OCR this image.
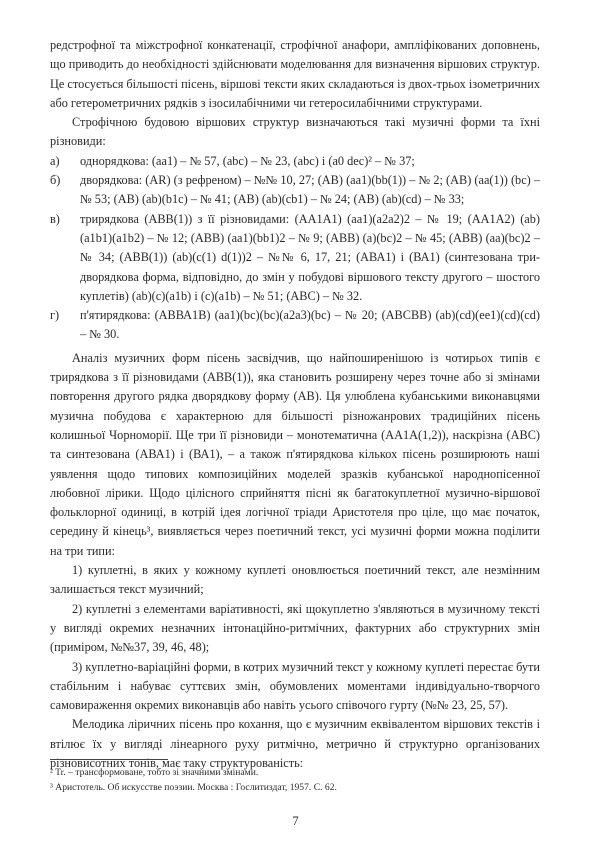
редстрофної та міжстрофної конкатенації, строфічної анафори, ампліфікованих доповнень, що приводить до необхідності здійснювати моделювання для визначення віршових структур. Це стосується більшості пісень, віршові тексти яких складаються із двох-трьох ізометричних або гетерометричних рядків з ізосилабічними чи гетеросилабічними структурами.

Строфічною будовою віршових структур визначаються такі музичні форми та їхні різновиди:

а)	однорядкова: (аа1) – № 57, (abc) – № 23, (abc) і (a0 dec)² – № 37;
б)	дворядкова: (АR) (з рефреном) – №№ 10, 27; (АВ) (аа1)(bb(1)) – № 2; (АВ) (аа(1)) (bc) – № 53; (АВ) (ab)(b1c) – № 41; (АВ) (ab)(cb1) – № 24; (АВ) (ab)(cd) – № 33;
в)	трирядкова (АВВ(1)) з її різновидами: (АА1А1) (аа1)(а2а2)2 – № 19; (АА1А2) (ab)(a1b1)(a1b2) – № 12; (АВВ) (аа1)(bb1)2 – № 9; (АВВ) (a)(bc)2 – № 45; (АВВ) (аа)(bc)2 – № 34; (АВВ(1)) (ab)(c(1) d(1))2 – №№ 6, 17, 21; (АВА1) і (ВА1) (синтезована три- дворядкова форма, відповідно, до змін у побудові віршового тексту другого – шостого куплетів) (ab)(c)(a1b) і (c)(a1b) – № 51; (АВС) – № 32.
г)	п'ятирядкова: (АВВА1В) (аа1)(bc)(bc)(а2а3)(bc) – № 20; (АВСВВ) (ab)(cd)(ee1)(cd)(cd) – № 30.

Аналіз музичних форм пісень засвідчив, що найпоширенішою із чотирьох типів є трирядкова з її різновидами (АВВ(1)), яка становить розширену через точне або зі змінами повторення другого рядка дворядкову форму (АВ). Ця улюблена кубанськими виконавцями музична побудова є характерною для більшості різножанрових традиційних пісень колишньої Чорноморії. Ще три її різновиди – монотематична (АА1А(1,2)), наскрізна (АВС) та синтезована (АВА1) і (ВА1), – а також п'ятирядкова кількох пісень розширюють наші уявлення щодо типових композиційних моделей зразків кубанської народнопісенної любовної лірики. Щодо цілісного сприйняття пісні як багатокуплетної музично-віршової фольклорної одиниці, в котрій ідея логічної тріади Аристотеля про ціле, що має початок, середину й кінець³, виявляється через поетичний текст, усі музичні форми можна поділити на три типи:

1) куплетні, в яких у кожному куплеті оновлюється поетичний текст, але незмінним залишається текст музичний;

2) куплетні з елементами варіативності, які щокуплетно з'являються в музичному тексті у вигляді окремих незначних інтонаційно-ритмічних, фактурних або структурних змін (приміром, №№37, 39, 46, 48);

3) куплетно-варіаційні форми, в котрих музичний текст у кожному куплеті перестає бути стабільним і набуває суттєвих змін, обумовлених моментами індивідуально-творчого самовираження окремих виконавців або навіть усього співочого гурту (№№ 23, 25, 57).

Мелодика ліричних пісень про кохання, що є музичним еквівалентом віршових текстів і втілює їх у вигляді лінеарного руху ритмічно, метрично й структурно організованих різновисотних тонів, має таку структурованість:

² Tr. – трансформоване, тобто зі значними змінами.

³ Аристотель. Об искусстве поэзии. Москва : Гослитиздат, 1957. С. 62.

7
